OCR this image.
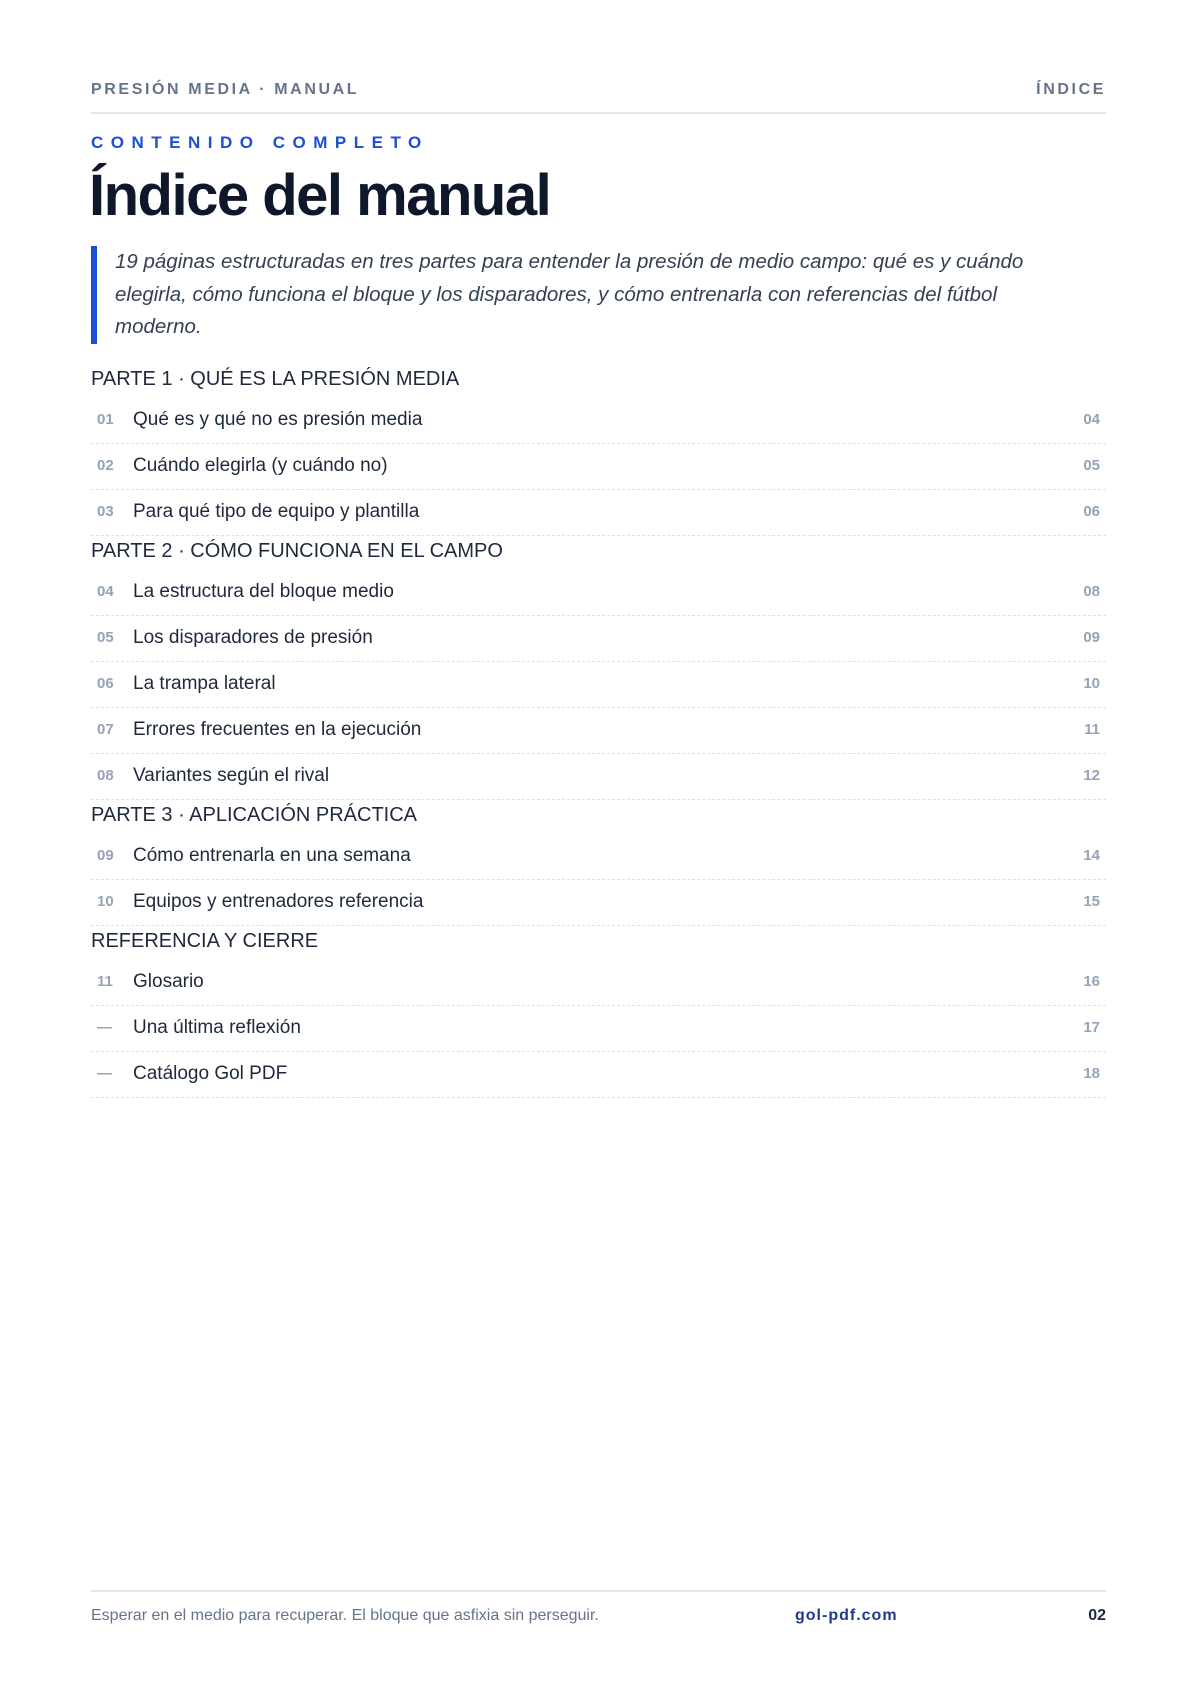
PRESIÓN MEDIA · MANUAL	ÍNDICE
CONTENIDO COMPLETO
Índice del manual

19 páginas estructuradas en tres partes para entender la presión de medio campo: qué es y cuándo elegirla, cómo funciona el bloque y los disparadores, y cómo entrenarla con referencias del fútbol moderno.

PARTE 1 · QUÉ ES LA PRESIÓN MEDIA
01	Qué es y qué no es presión media	04
02	Cuándo elegirla (y cuándo no)	05
03	Para qué tipo de equipo y plantilla	06
PARTE 2 · CÓMO FUNCIONA EN EL CAMPO
04	La estructura del bloque medio	08
05	Los disparadores de presión	09
06	La trampa lateral	10
07	Errores frecuentes en la ejecución	11
08	Variantes según el rival	12
PARTE 3 · APLICACIÓN PRÁCTICA
09	Cómo entrenarla en una semana	14
10	Equipos y entrenadores referencia	15
REFERENCIA Y CIERRE
11	Glosario	16
—	Una última reflexión	17
—	Catálogo Gol PDF	18
Esperar en el medio para recuperar. El bloque que asfixia sin perseguir.	gol-pdf.com	02
